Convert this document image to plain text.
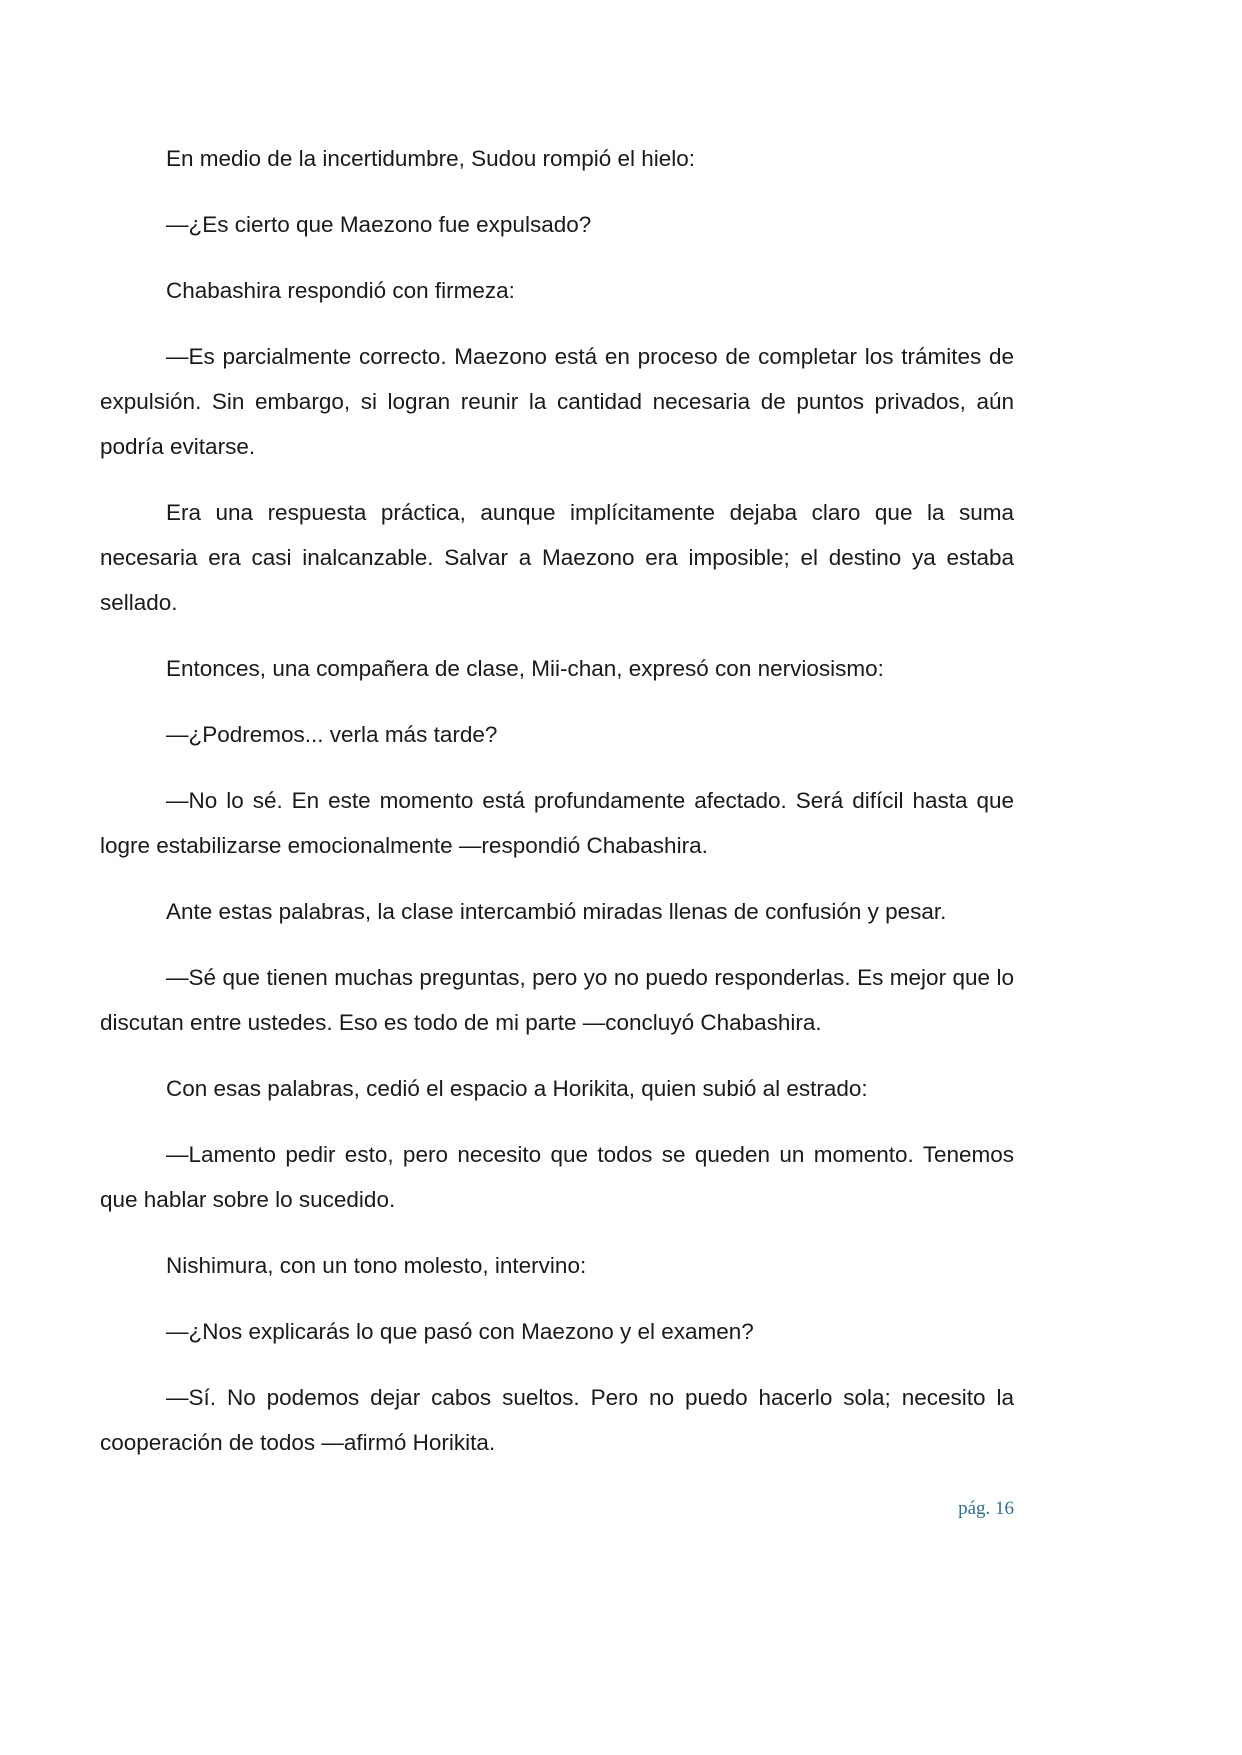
En medio de la incertidumbre, Sudou rompió el hielo:

—¿Es cierto que Maezono fue expulsado?

Chabashira respondió con firmeza:

—Es parcialmente correcto. Maezono está en proceso de completar los trámites de expulsión. Sin embargo, si logran reunir la cantidad necesaria de puntos privados, aún podría evitarse.

Era una respuesta práctica, aunque implícitamente dejaba claro que la suma necesaria era casi inalcanzable. Salvar a Maezono era imposible; el destino ya estaba sellado.

Entonces, una compañera de clase, Mii-chan, expresó con nerviosismo:

—¿Podremos... verla más tarde?

—No lo sé. En este momento está profundamente afectado. Será difícil hasta que logre estabilizarse emocionalmente —respondió Chabashira.

Ante estas palabras, la clase intercambió miradas llenas de confusión y pesar.

—Sé que tienen muchas preguntas, pero yo no puedo responderlas. Es mejor que lo discutan entre ustedes. Eso es todo de mi parte —concluyó Chabashira.

Con esas palabras, cedió el espacio a Horikita, quien subió al estrado:

—Lamento pedir esto, pero necesito que todos se queden un momento. Tenemos que hablar sobre lo sucedido.

Nishimura, con un tono molesto, intervino:

—¿Nos explicarás lo que pasó con Maezono y el examen?

—Sí. No podemos dejar cabos sueltos. Pero no puedo hacerlo sola; necesito la cooperación de todos —afirmó Horikita.

pág. 16
